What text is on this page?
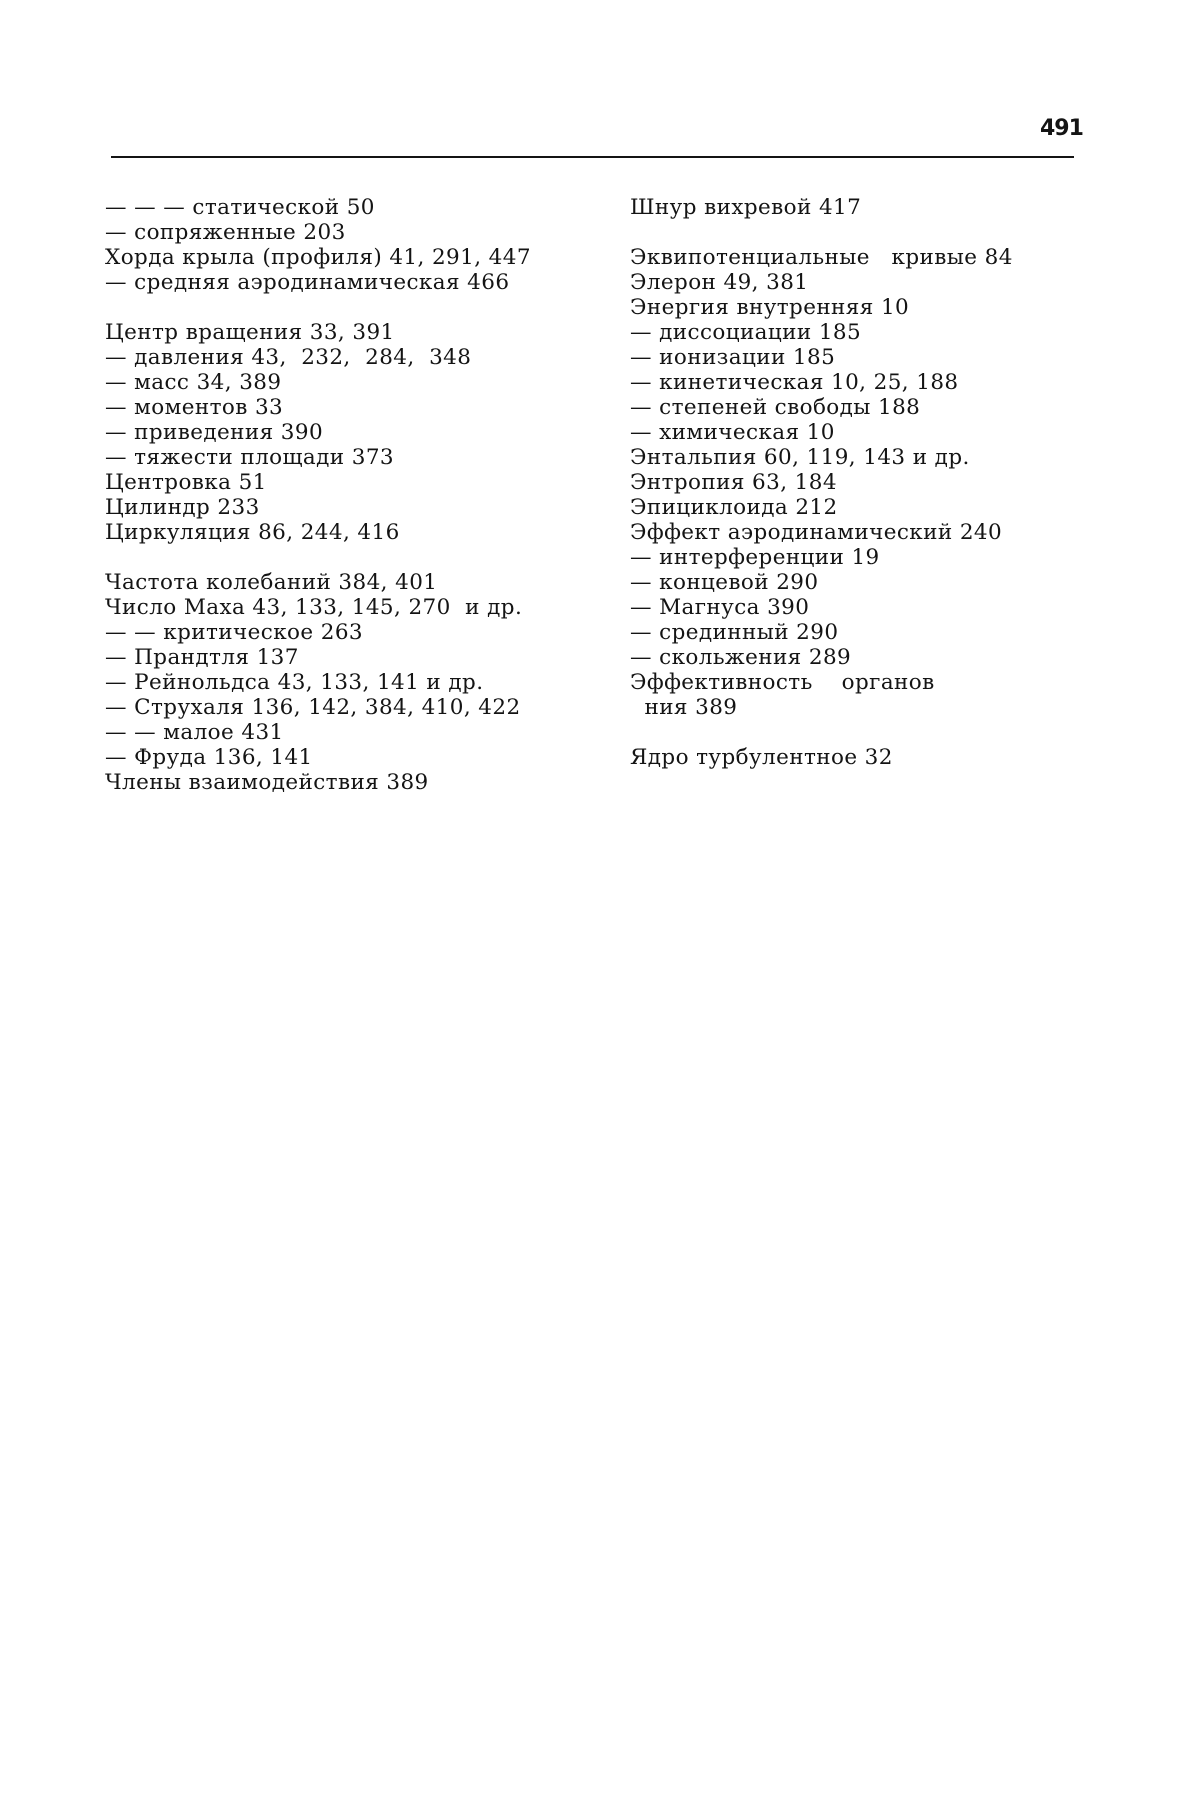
491
— — — статической 50
— сопряженные 203
Хорда крыла (профиля) 41, 291, 447
— средняя аэродинамическая 466
Центр вращения 33, 391
— давления 43,  232,  284,  348
— масс 34, 389
— моментов 33
— приведения 390
— тяжести площади 373
Центровка 51
Цилиндр 233
Циркуляция 86, 244, 416
Частота колебаний 384, 401
Число Маха 43, 133, 145, 270  и др.
— — критическое 263
— Прандтля 137
— Рейнольдса 43, 133, 141 и др.
— Струхаля 136, 142, 384, 410, 422
— — малое 431
— Фруда 136, 141
Члены взаимодействия 389
Шнур вихревой 417
Эквипотенциальные   кривые 84
Элерон 49, 381
Энергия внутренняя 10
— диссоциации 185
— ионизации 185
— кинетическая 10, 25, 188
— степеней свободы 188
— химическая 10
Энтальпия 60, 119, 143 и др.
Энтропия 63, 184
Эпициклоида 212
Эффект аэродинамический 240
— интерференции 19
— концевой 290
— Магнуса 390
— срединный 290
— скольжения 289
Эффективность    органов
ния 389
Ядро турбулентное 32
